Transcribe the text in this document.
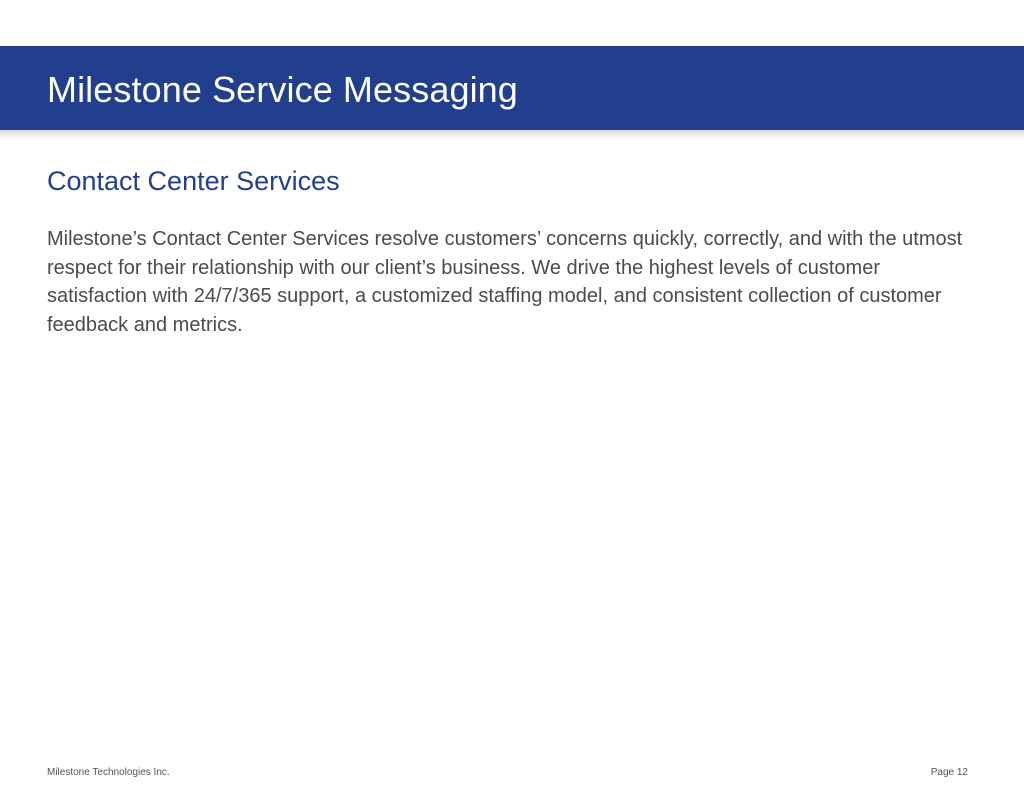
Milestone Service Messaging
Contact Center Services

Milestone’s Contact Center Services resolve customers’ concerns quickly, correctly, and with the utmost respect for their relationship with our client’s business. We drive the highest levels of customer satisfaction with 24/7/365 support, a customized staffing model, and consistent collection of customer feedback and metrics.

Milestone Technologies Inc.	Page 12
